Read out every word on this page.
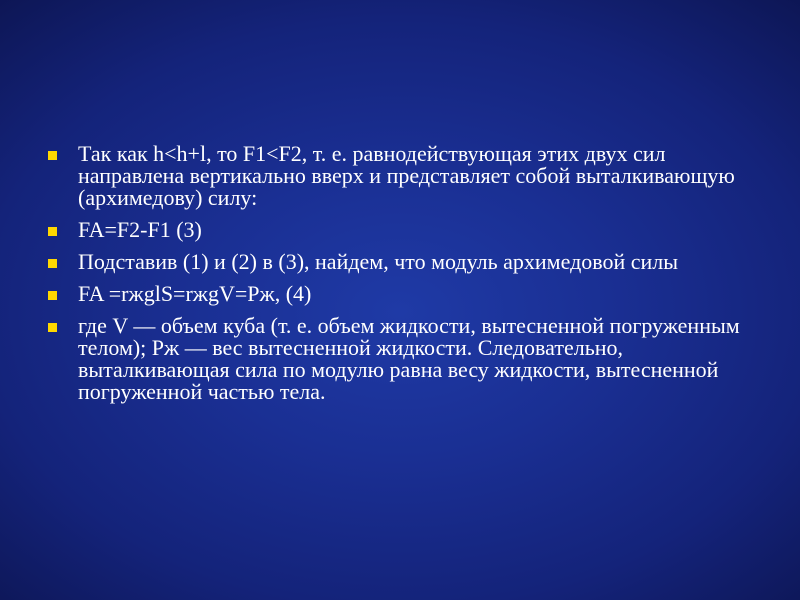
Так как h<h+l, то F1<F2, т. е. равнодействующая этих двух сил направлена вертикально вверх и представляет собой выталкивающую (архимедову) силу:
FA=F2-F1 (3)
Подставив (1) и (2) в (3), найдем, что модуль архимедовой силы
FA =rжglS=rжgV=Pж, (4)
где V — объем куба (т. е. объем жидкости, вытесненной погруженным телом); Pж — вес вытесненной жидкости. Следовательно, выталкивающая сила по модулю равна весу жидкости, вытесненной погруженной частью тела.
